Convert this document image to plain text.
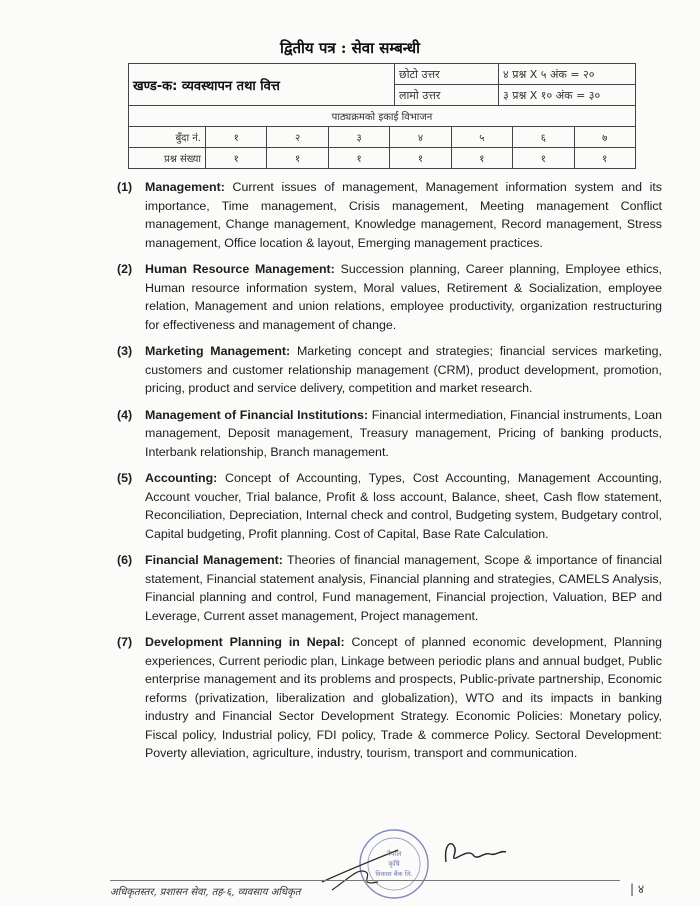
द्वितीय पत्र : सेवा सम्बन्धी
खण्ड-क: व्यवस्थापन तथा वित्त	छोटो उत्तर	४ प्रश्न X ५ अंक = २०
	लामो उत्तर	३ प्रश्न X १० अंक = ३०
पाठ्यक्रमको इकाई विभाजन							
बुँदा नं.	१	२	३	४	५	६	७
प्रश्न संख्या	१	१	१	१	१	१	१
(1) Management: Current issues of management, Management information system and its importance, Time management, Crisis management, Meeting management Conflict management, Change management, Knowledge management, Record management, Stress management, Office location & layout, Emerging management practices.
(2) Human Resource Management: Succession planning, Career planning, Employee ethics, Human resource information system, Moral values, Retirement & Socialization, employee relation, Management and union relations, employee productivity, organization restructuring for effectiveness and management of change.
(3) Marketing Management: Marketing concept and strategies; financial services marketing, customers and customer relationship management (CRM), product development, promotion, pricing, product and service delivery, competition and market research.
(4) Management of Financial Institutions: Financial intermediation, Financial instruments, Loan management, Deposit management, Treasury management, Pricing of banking products, Interbank relationship, Branch management.
(5) Accounting: Concept of Accounting, Types, Cost Accounting, Management Accounting, Account voucher, Trial balance, Profit & loss account, Balance, sheet, Cash flow statement, Reconciliation, Depreciation, Internal check and control, Budgeting system, Budgetary control, Capital budgeting, Profit planning. Cost of Capital, Base Rate Calculation.
(6) Financial Management: Theories of financial management, Scope & importance of financial statement, Financial statement analysis, Financial planning and strategies, CAMELS Analysis, Financial planning and control, Fund management, Financial projection, Valuation, BEP and Leverage, Current asset management, Project management.
(7) Development Planning in Nepal: Concept of planned economic development, Planning experiences, Current periodic plan, Linkage between periodic plans and annual budget, Public enterprise management and its problems and prospects, Public-private partnership, Economic reforms (privatization, liberalization and globalization), WTO and its impacts in banking industry and Financial Sector Development Strategy. Economic Policies: Monetary policy, Fiscal policy, Industrial policy, FDI policy, Trade & commerce Policy. Sectoral Development: Poverty alleviation, agriculture, industry, tourism, transport and communication.
नेपाल
कृषि
विकास बैंक लि.
अधिकृतस्तर, प्रशासन सेवा, तह-६, व्यवसाय अधिकृत	| ४
